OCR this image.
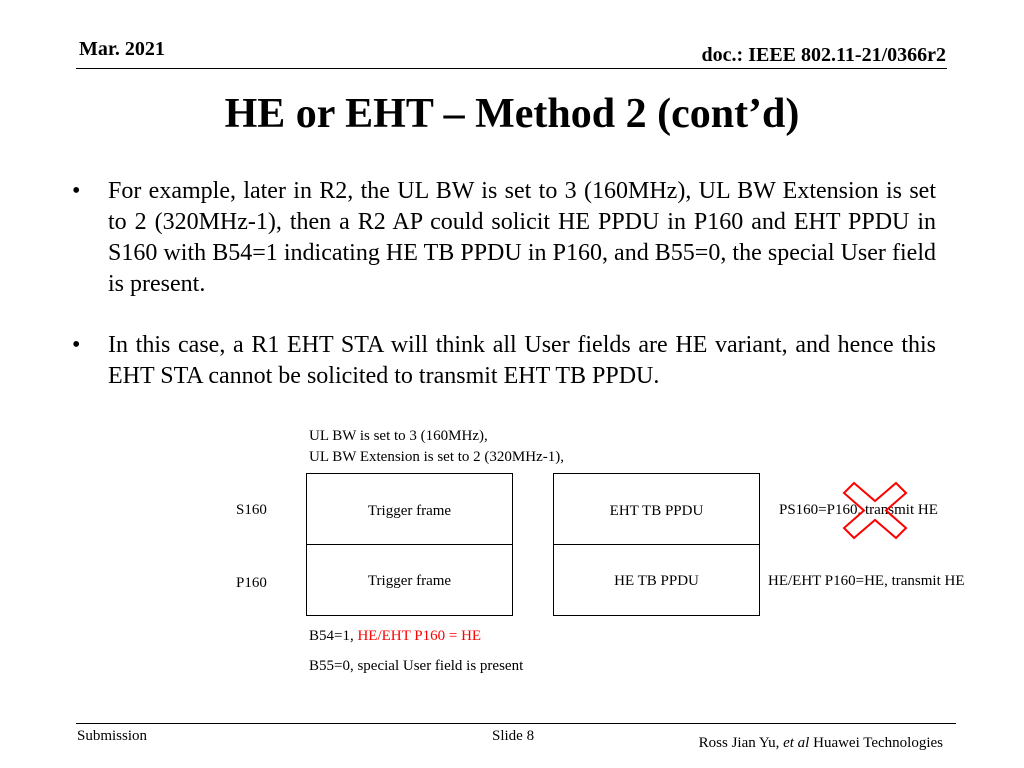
Mar. 2021	doc.: IEEE 802.11-21/0366r2
HE or EHT – Method 2 (cont’d)
•	For example, later in R2, the UL BW is set to 3 (160MHz), UL BW Extension is set to 2 (320MHz-1), then a R2 AP could solicit HE PPDU in P160 and EHT PPDU in S160 with B54=1 indicating HE TB PPDU in P160, and B55=0, the special User field is present.
•	In this case, a R1 EHT STA will think all User fields are HE variant, and hence this EHT STA cannot be solicited to transmit EHT TB PPDU.
UL BW is set to 3 (160MHz),
UL BW Extension is set to 2 (320MHz-1),
S160
P160
Trigger frame
Trigger frame
EHT TB PPDU
HE TB PPDU
PS160=P160, transmit HE
HE/EHT P160=HE, transmit HE
B54=1, HE/EHT P160 = HE
B55=0, special User field is present
Submission	Slide 8	Ross Jian Yu, et al Huawei Technologies
